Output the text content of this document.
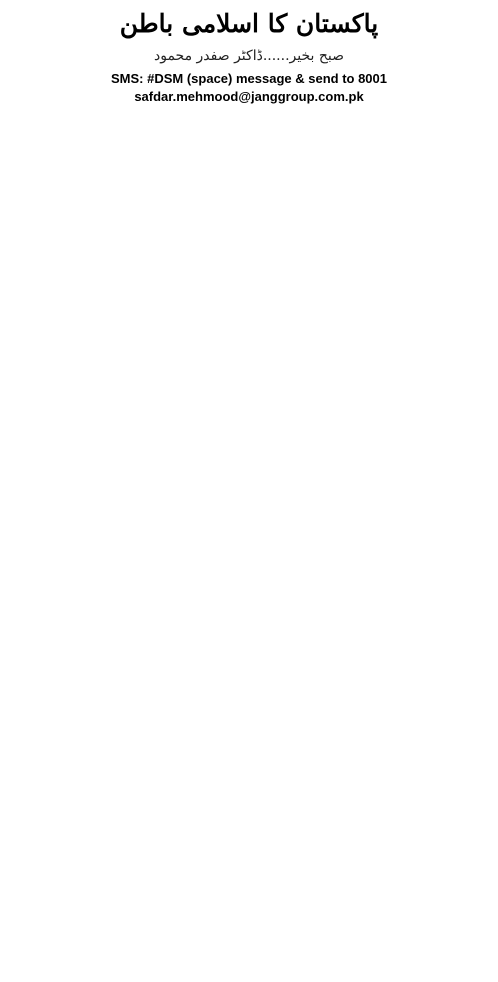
پاکستان کا اسلامی باطن
صبح بخیر......ڈاکٹر صفدر محمود
SMS: #DSM (space) message & send to 8001
safdar.mehmood@janggroup.com.pk
